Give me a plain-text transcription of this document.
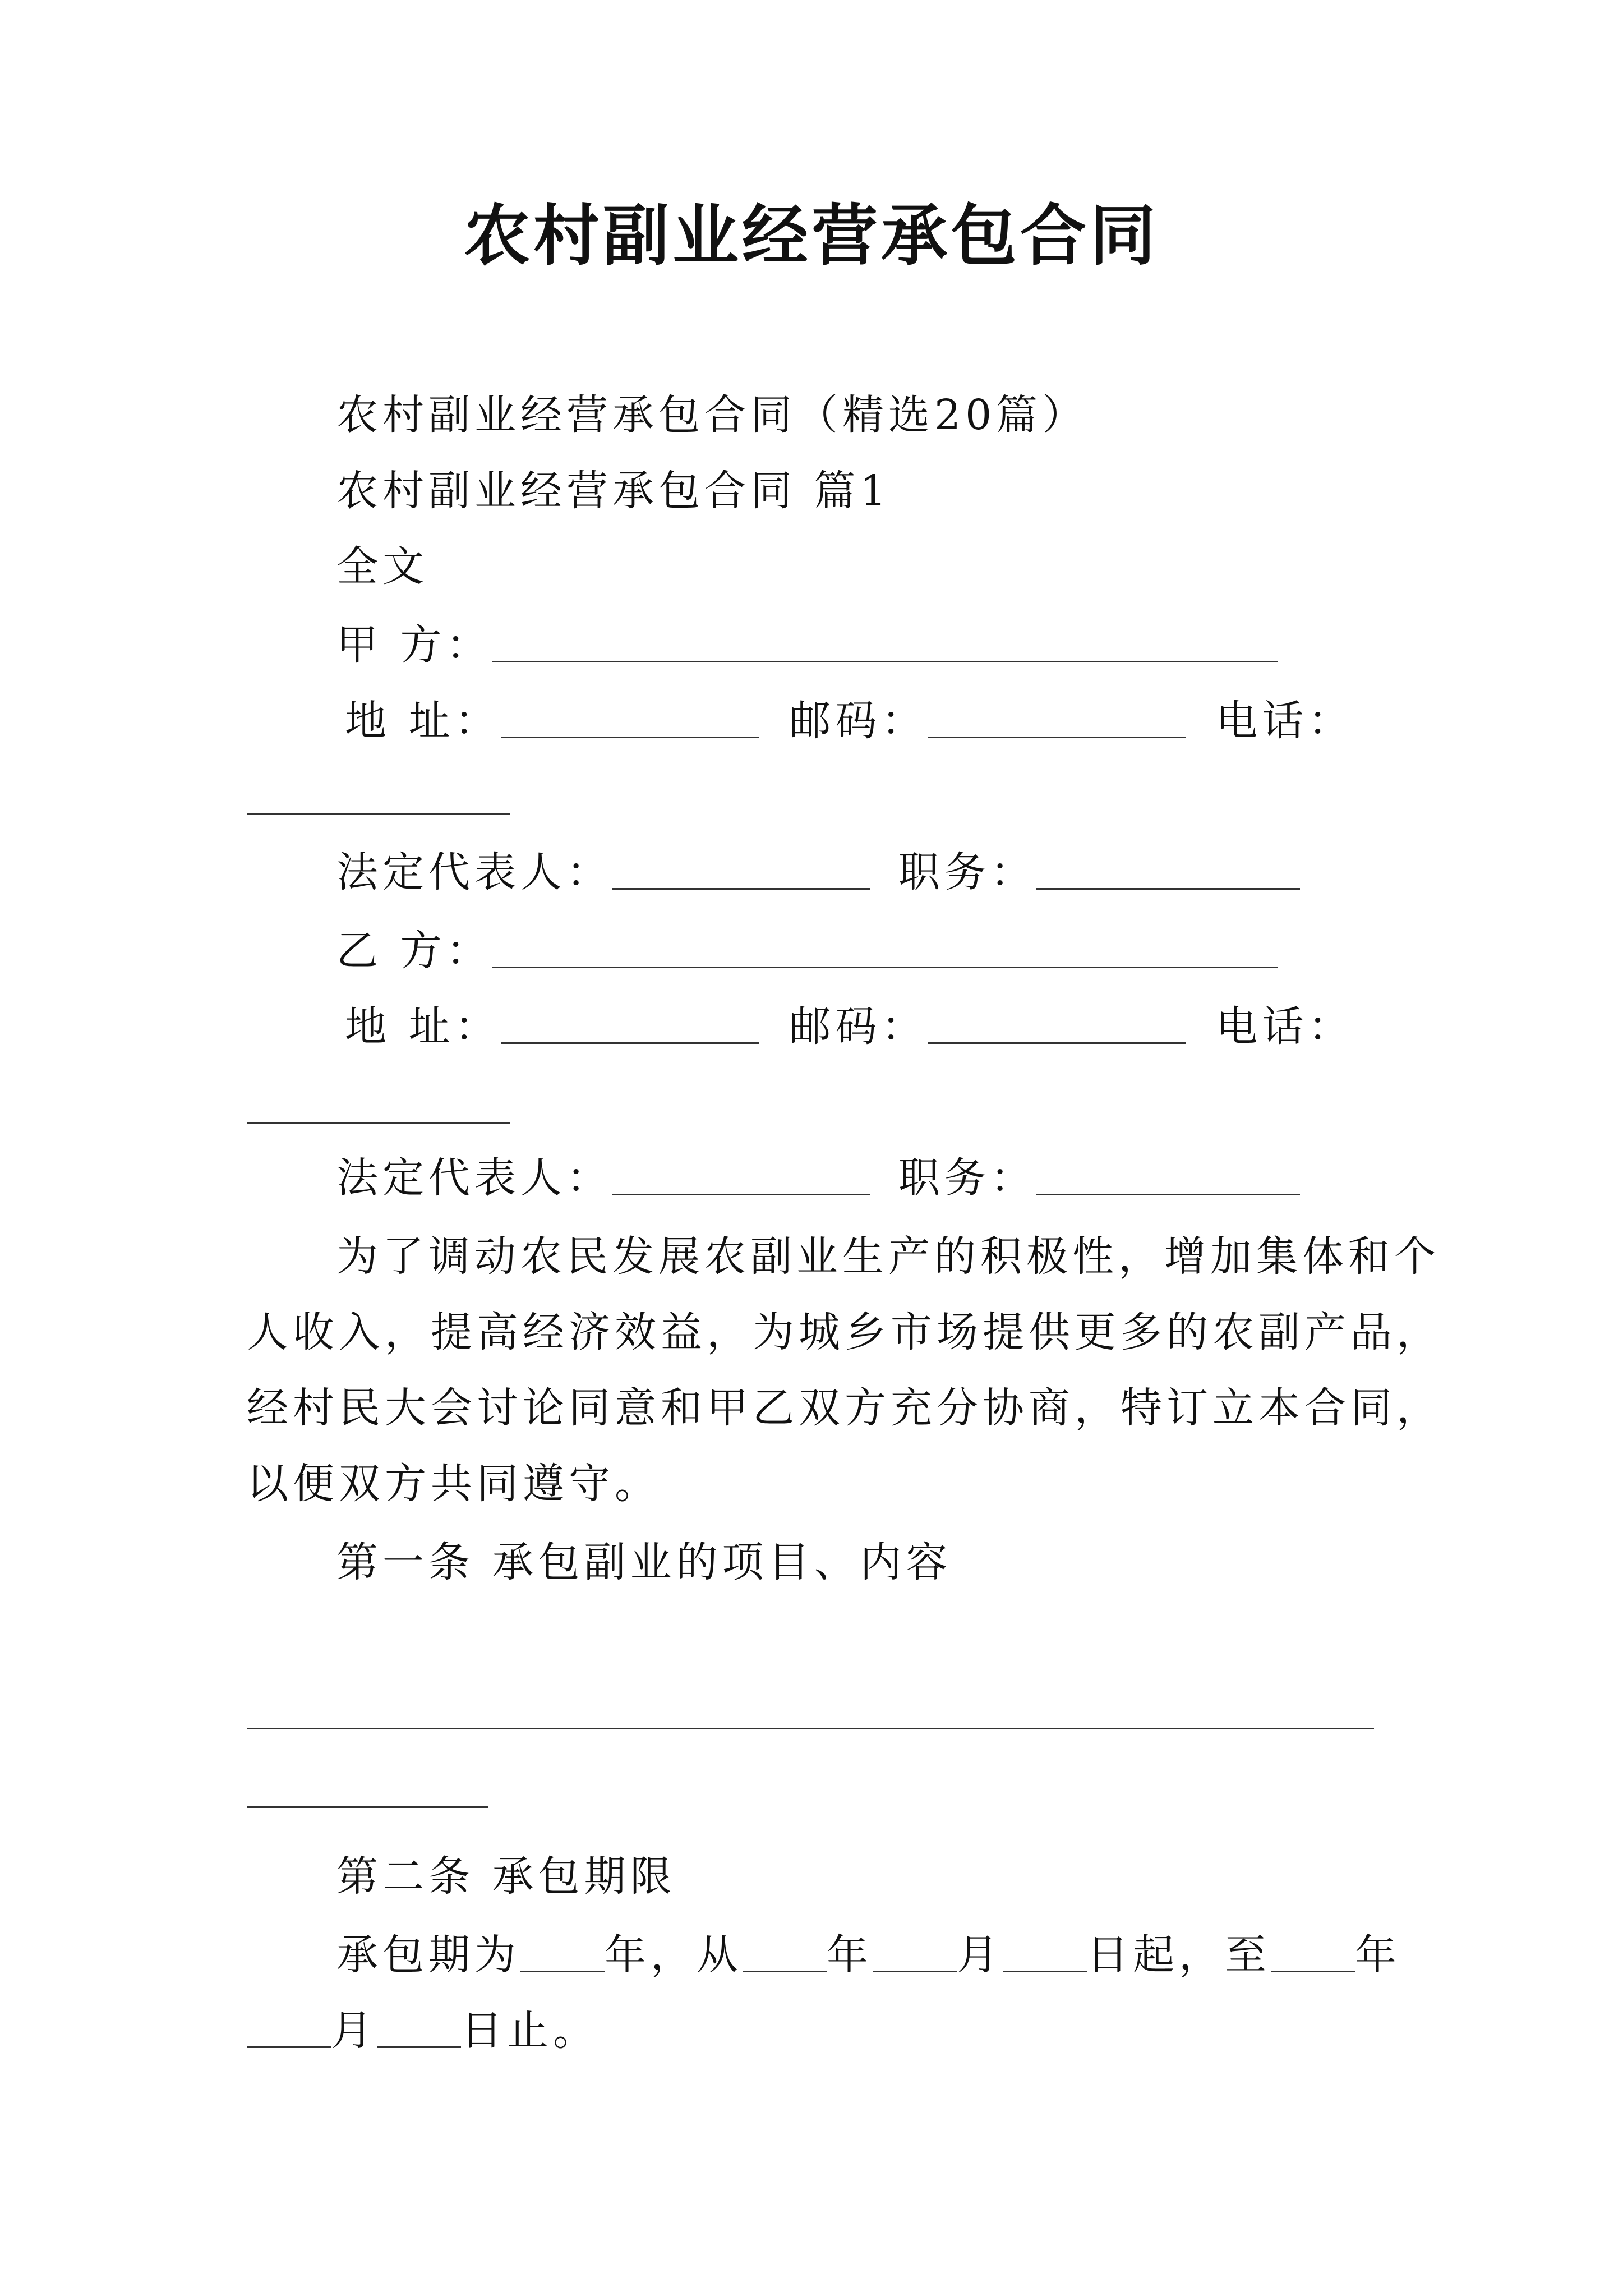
农村副业经营承包合同
农村副业经营承包合同（精选20篇）
农村副业经营承包合同 篇1
全文
甲 方：
地 址：	邮码：	电话：
法定代表人：	职务：
乙 方：
地 址：	邮码：	电话：
法定代表人：	职务：
为了调动农民发展农副业生产的积极性，增加集体和个
人收入，提高经济效益，为城乡市场提供更多的农副产品，
经村民大会讨论同意和甲乙双方充分协商，特订立本合同，
以便双方共同遵守。
第一条 承包副业的项目、内容
第二条 承包期限
承包期为 年，从 年 月 日起，至 年
月 日止。
